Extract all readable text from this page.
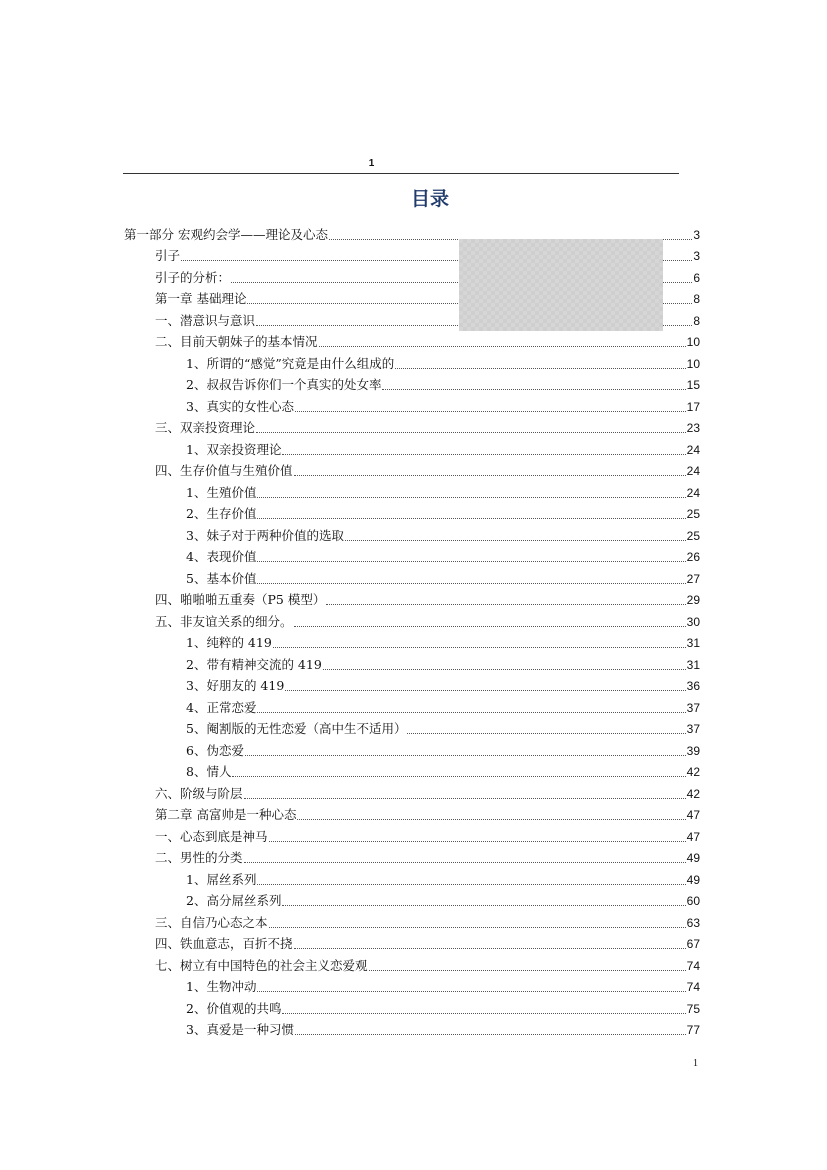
1
目录
第一部分 宏观约会学——理论及心态	3
引子	3
引子的分析：	6
第一章 基础理论	8
一、潜意识与意识	8
二、目前天朝妹子的基本情况	10
1、所谓的“感觉”究竟是由什么组成的	10
2、叔叔告诉你们一个真实的处女率	15
3、真实的女性心态	17
三、双亲投资理论	23
1、双亲投资理论	24
四、生存价值与生殖价值	24
1、生殖价值	24
2、生存价值	25
3、妹子对于两种价值的选取	25
4、表现价值	26
5、基本价值	27
四、啪啪啪五重奏（P5 模型）	29
五、非友谊关系的细分。	30
1、纯粹的 419	31
2、带有精神交流的 419	31
3、好朋友的 419	36
4、正常恋爱	37
5、阉割版的无性恋爱（高中生不适用）	37
6、伪恋爱	39
8、情人	42
六、阶级与阶层	42
第二章 高富帅是一种心态	47
一、心态到底是神马	47
二、男性的分类	49
1、屌丝系列	49
2、高分屌丝系列	60
三、自信乃心态之本	63
四、铁血意志，百折不挠	67
七、树立有中国特色的社会主义恋爱观	74
1、生物冲动	74
2、价值观的共鸣	75
3、真爱是一种习惯	77
1
